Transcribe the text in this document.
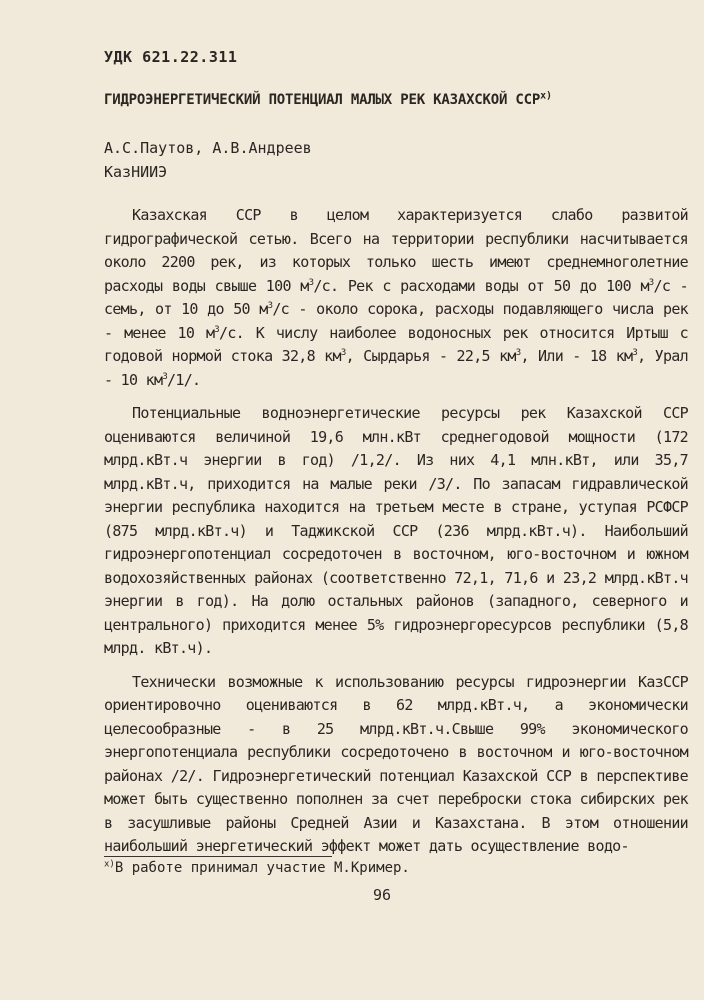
УДК 621.22.311
ГИДРОЭНЕРГЕТИЧЕСКИЙ ПОТЕНЦИАЛ МАЛЫХ РЕК КАЗАХСКОЙ ССР$^{x)}$
А.С.Паутов, А.В.Андреев
КазНИИЭ

Казахская ССР в целом характеризуется слабо развитой гидрографической сетью. Всего на территории республики насчитывается около 2200 рек, из которых только шесть имеют среднемноголетние расходы воды свыше 100 $м^3/с$. Рек с расходами воды от 50 до 100 $м^3/с$ - семь, от 10 до 50 $м^3/с$ - около сорока, расходы подавляющего числа рек - менее 10 $м^3/с$. К числу наиболее водоносных рек относится Иртыш с годовой нормой стока 32,8 $км^3$, Сырдарья - 22,5 $км^3$, Или - 18 $км^3$, Урал - 10 $км^3/1/$.

Потенциальные водноэнергетические ресурсы рек Казахской ССР оцениваются величиной 19,6 млн.кВт среднегодовой мощности (172 млрд.кВт.ч энергии в год) /1,2/. Из них 4,1 млн.кВт, или 35,7 млрд.кВт.ч, приходится на малые реки /3/. По запасам гидравлической энергии республика находится на третьем месте в стране, уступая РСФСР (875 млрд.кВт.ч) и Таджикской ССР (236 млрд.кВт.ч). Наибольший гидроэнергопотенциал сосредоточен в восточном, юго-восточном и южном водохозяйственных районах (соответственно 72,1, 71,6 и 23,2 млрд.кВт.ч энергии в год). На долю остальных районов (западного, северного и центрального) приходится менее 5% гидроэнергоресурсов республики (5,8 млрд. кВт.ч).

Технически возможные к использованию ресурсы гидроэнергии КазССР ориентировочно оцениваются в 62 млрд.кВт.ч, а экономически целесообразные - в 25 млрд.кВт.ч.Свыше 99% экономического энергопотенциала республики сосредоточено в восточном и юго-восточном районах /2/. Гидроэнергетический потенциал Казахской ССР в перспективе может быть существенно пополнен за счет переброски стока сибирских рек в засушливые районы Средней Азии и Казахстана. В этом отношении наибольший энергетический эффект может дать осуществление водо-

$^{x)}$В работе принимал участие М.Кример.
96
